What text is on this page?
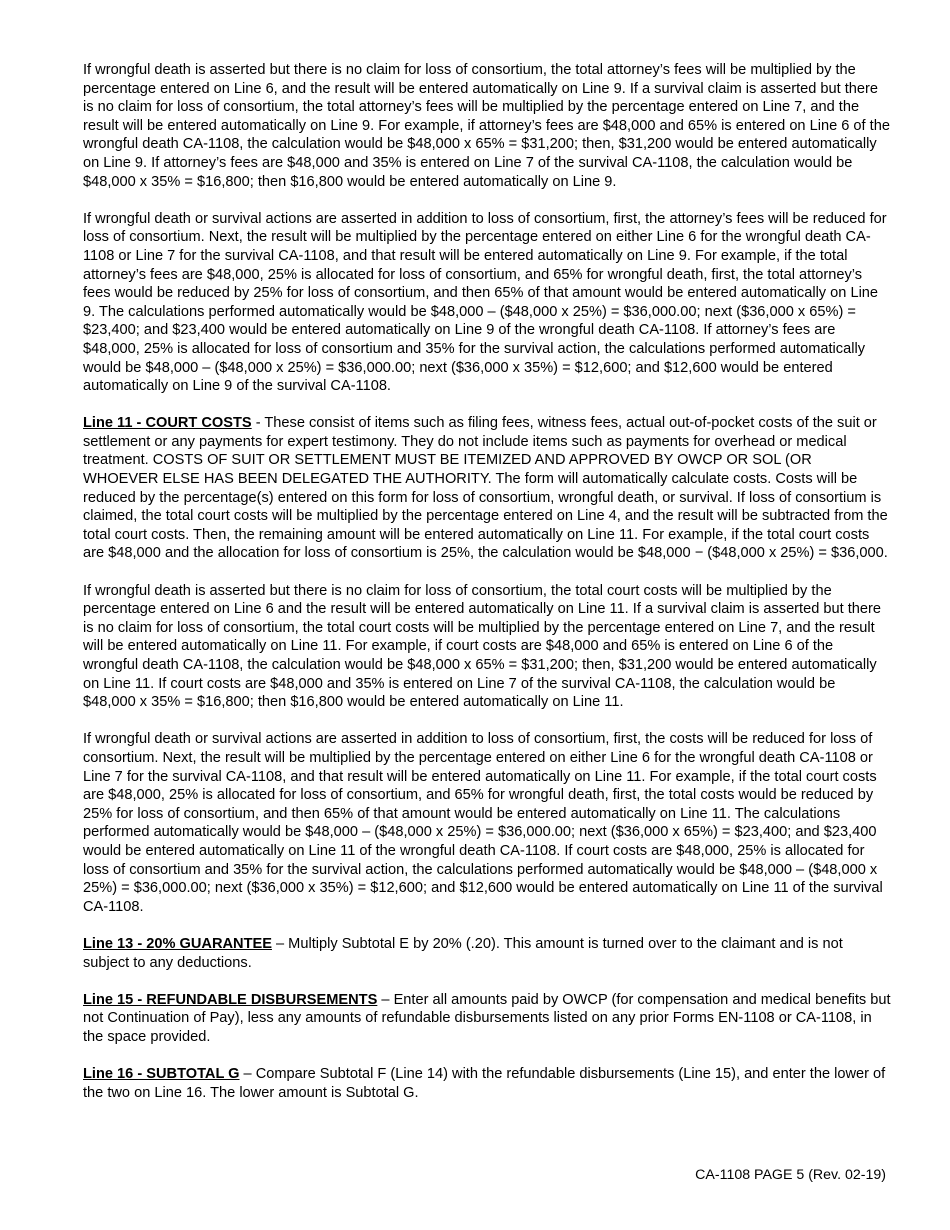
If wrongful death is asserted but there is no claim for loss of consortium, the total attorney’s fees will be multiplied by the percentage entered on Line 6, and the result will be entered automatically on Line 9. If a survival claim is asserted but there is no claim for loss of consortium, the total attorney’s fees will be multiplied by the percentage entered on Line 7, and the result will be entered automatically on Line 9. For example, if attorney’s fees are $48,000 and 65% is entered on Line 6 of the wrongful death CA-1108, the calculation would be $48,000 x 65% = $31,200; then, $31,200 would be entered automatically on Line 9. If attorney’s fees are $48,000 and 35% is entered on Line 7 of the survival CA-1108, the calculation would be $48,000 x 35% = $16,800; then $16,800 would be entered automatically on Line 9.

If wrongful death or survival actions are asserted in addition to loss of consortium, first, the attorney’s fees will be reduced for loss of consortium. Next, the result will be multiplied by the percentage entered on either Line 6 for the wrongful death CA-1108 or Line 7 for the survival CA-1108, and that result will be entered automatically on Line 9. For example, if the total attorney’s fees are $48,000, 25% is allocated for loss of consortium, and 65% for wrongful death, first, the total attorney’s fees would be reduced by 25% for loss of consortium, and then 65% of that amount would be entered automatically on Line 9. The calculations performed automatically would be $48,000 – ($48,000 x 25%) = $36,000.00; next ($36,000 x 65%) = $23,400; and $23,400 would be entered automatically on Line 9 of the wrongful death CA-1108. If attorney’s fees are $48,000, 25% is allocated for loss of consortium and 35% for the survival action, the calculations performed automatically would be $48,000 – ($48,000 x 25%) = $36,000.00; next ($36,000 x 35%) = $12,600; and $12,600 would be entered automatically on Line 9 of the survival CA-1108.

Line 11 - COURT COSTS - These consist of items such as filing fees, witness fees, actual out-of-pocket costs of the suit or settlement or any payments for expert testimony. They do not include items such as payments for overhead or medical treatment. COSTS OF SUIT OR SETTLEMENT MUST BE ITEMIZED AND APPROVED BY OWCP OR SOL (OR WHOEVER ELSE HAS BEEN DELEGATED THE AUTHORITY. The form will automatically calculate costs. Costs will be reduced by the percentage(s) entered on this form for loss of consortium, wrongful death, or survival. If loss of consortium is claimed, the total court costs will be multiplied by the percentage entered on Line 4, and the result will be subtracted from the total court costs. Then, the remaining amount will be entered automatically on Line 11. For example, if the total court costs are $48,000 and the allocation for loss of consortium is 25%, the calculation would be $48,000 − ($48,000 x 25%) = $36,000.

If wrongful death is asserted but there is no claim for loss of consortium, the total court costs will be multiplied by the percentage entered on Line 6 and the result will be entered automatically on Line 11. If a survival claim is asserted but there is no claim for loss of consortium, the total court costs will be multiplied by the percentage entered on Line 7, and the result will be entered automatically on Line 11. For example, if court costs are $48,000 and 65% is entered on Line 6 of the wrongful death CA-1108, the calculation would be $48,000 x 65% = $31,200; then, $31,200 would be entered automatically on Line 11. If court costs are $48,000 and 35% is entered on Line 7 of the survival CA-1108, the calculation would be $48,000 x 35% = $16,800; then $16,800 would be entered automatically on Line 11.

If wrongful death or survival actions are asserted in addition to loss of consortium, first, the costs will be reduced for loss of consortium. Next, the result will be multiplied by the percentage entered on either Line 6 for the wrongful death CA-1108 or Line 7 for the survival CA-1108, and that result will be entered automatically on Line 11. For example, if the total court costs are $48,000, 25% is allocated for loss of consortium, and 65% for wrongful death, first, the total costs would be reduced by 25% for loss of consortium, and then 65% of that amount would be entered automatically on Line 11. The calculations performed automatically would be $48,000 – ($48,000 x 25%) = $36,000.00; next ($36,000 x 65%) = $23,400; and $23,400 would be entered automatically on Line 11 of the wrongful death CA-1108. If court costs are $48,000, 25% is allocated for loss of consortium and 35% for the survival action, the calculations performed automatically would be $48,000 – ($48,000 x 25%) = $36,000.00; next ($36,000 x 35%) = $12,600; and $12,600 would be entered automatically on Line 11 of the survival CA-1108.

Line 13 - 20% GUARANTEE – Multiply Subtotal E by 20% (.20). This amount is turned over to the claimant and is not subject to any deductions.

Line 15 - REFUNDABLE DISBURSEMENTS – Enter all amounts paid by OWCP (for compensation and medical benefits but not Continuation of Pay), less any amounts of refundable disbursements listed on any prior Forms EN-1108 or CA-1108, in the space provided.

Line 16 - SUBTOTAL G – Compare Subtotal F (Line 14) with the refundable disbursements (Line 15), and enter the lower of the two on Line 16. The lower amount is Subtotal G.

CA-1108 PAGE 5 (Rev. 02-19)
